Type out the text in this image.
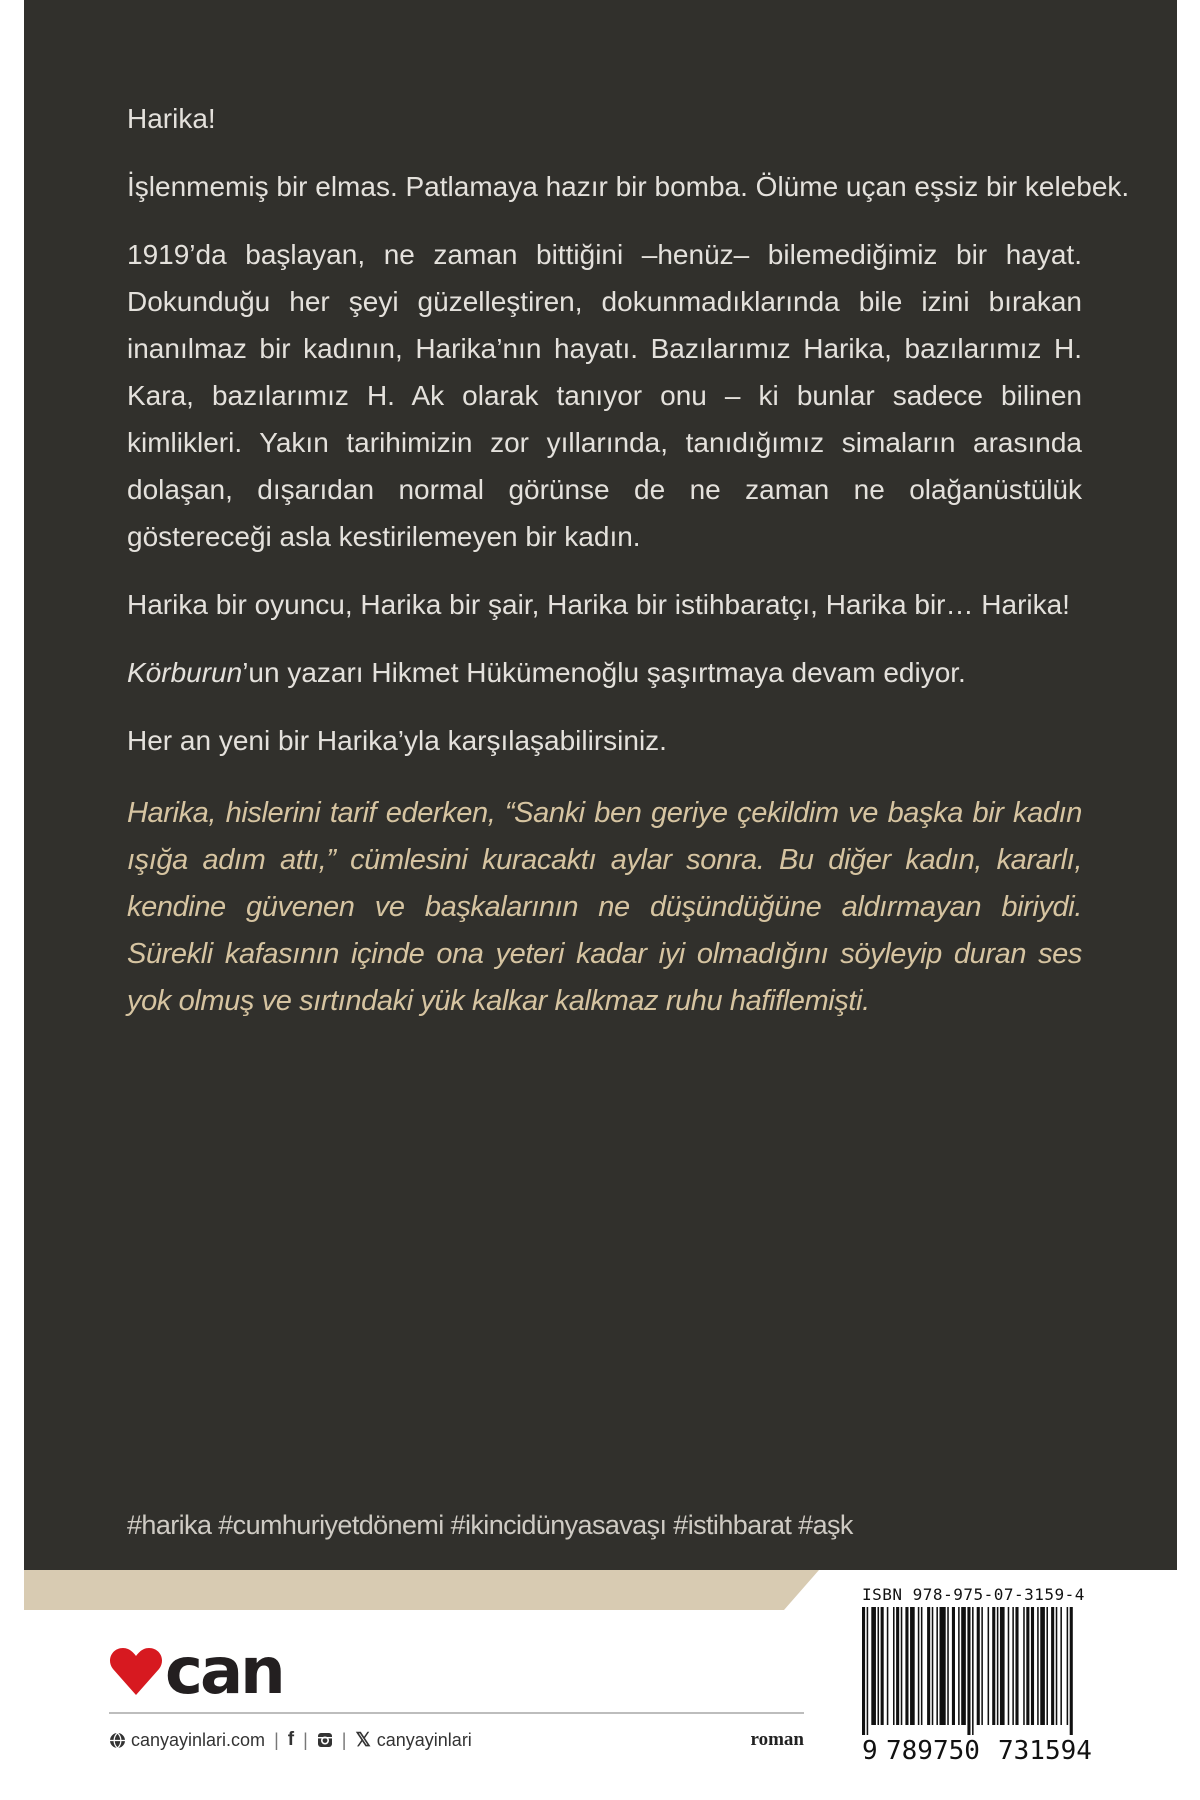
Harika!

İşlenmemiş bir elmas. Patlamaya hazır bir bomba. Ölüme uçan eşsiz bir kelebek.

1919’da başlayan, ne zaman bittiğini –henüz– bilemediğimiz bir hayat. Dokunduğu her şeyi güzelleştiren, dokunmadıklarında bile izini bırakan inanılmaz bir kadının, Harika’nın hayatı. Bazılarımız Harika, bazılarımız H. Kara, bazılarımız H. Ak olarak tanıyor onu – ki bunlar sadece bilinen kimlikleri. Yakın tarihimizin zor yıllarında, tanıdığımız simaların arasında dolaşan, dışarıdan normal görünse de ne zaman ne olağanüstülük göstereceği asla kestirilemeyen bir kadın.

Harika bir oyuncu, Harika bir şair, Harika bir istihbaratçı, Harika bir… Harika!

Körburun’un yazarı Hikmet Hükümenoğlu şaşırtmaya devam ediyor.

Her an yeni bir Harika’yla karşılaşabilirsiniz.

Harika, hislerini tarif ederken, “Sanki ben geriye çekildim ve başka bir kadın ışığa adım attı,” cümlesini kuracaktı aylar sonra. Bu diğer kadın, kararlı, kendine güvenen ve başkalarının ne düşündüğüne aldırmayan biriydi. Sürekli kafasının içinde ona yeteri kadar iyi olmadığını söyleyip duran ses yok olmuş ve sırtındaki yük kalkar kalkmaz ruhu hafiflemişti.
#harika #cumhuriyetdönemi #ikincidünyasavaşı #istihbarat #aşk
can
canyayinlari.com | f | | 𝕏 canyayinlari	roman
ISBN 978-975-07-3159-4
9 789750 731594
